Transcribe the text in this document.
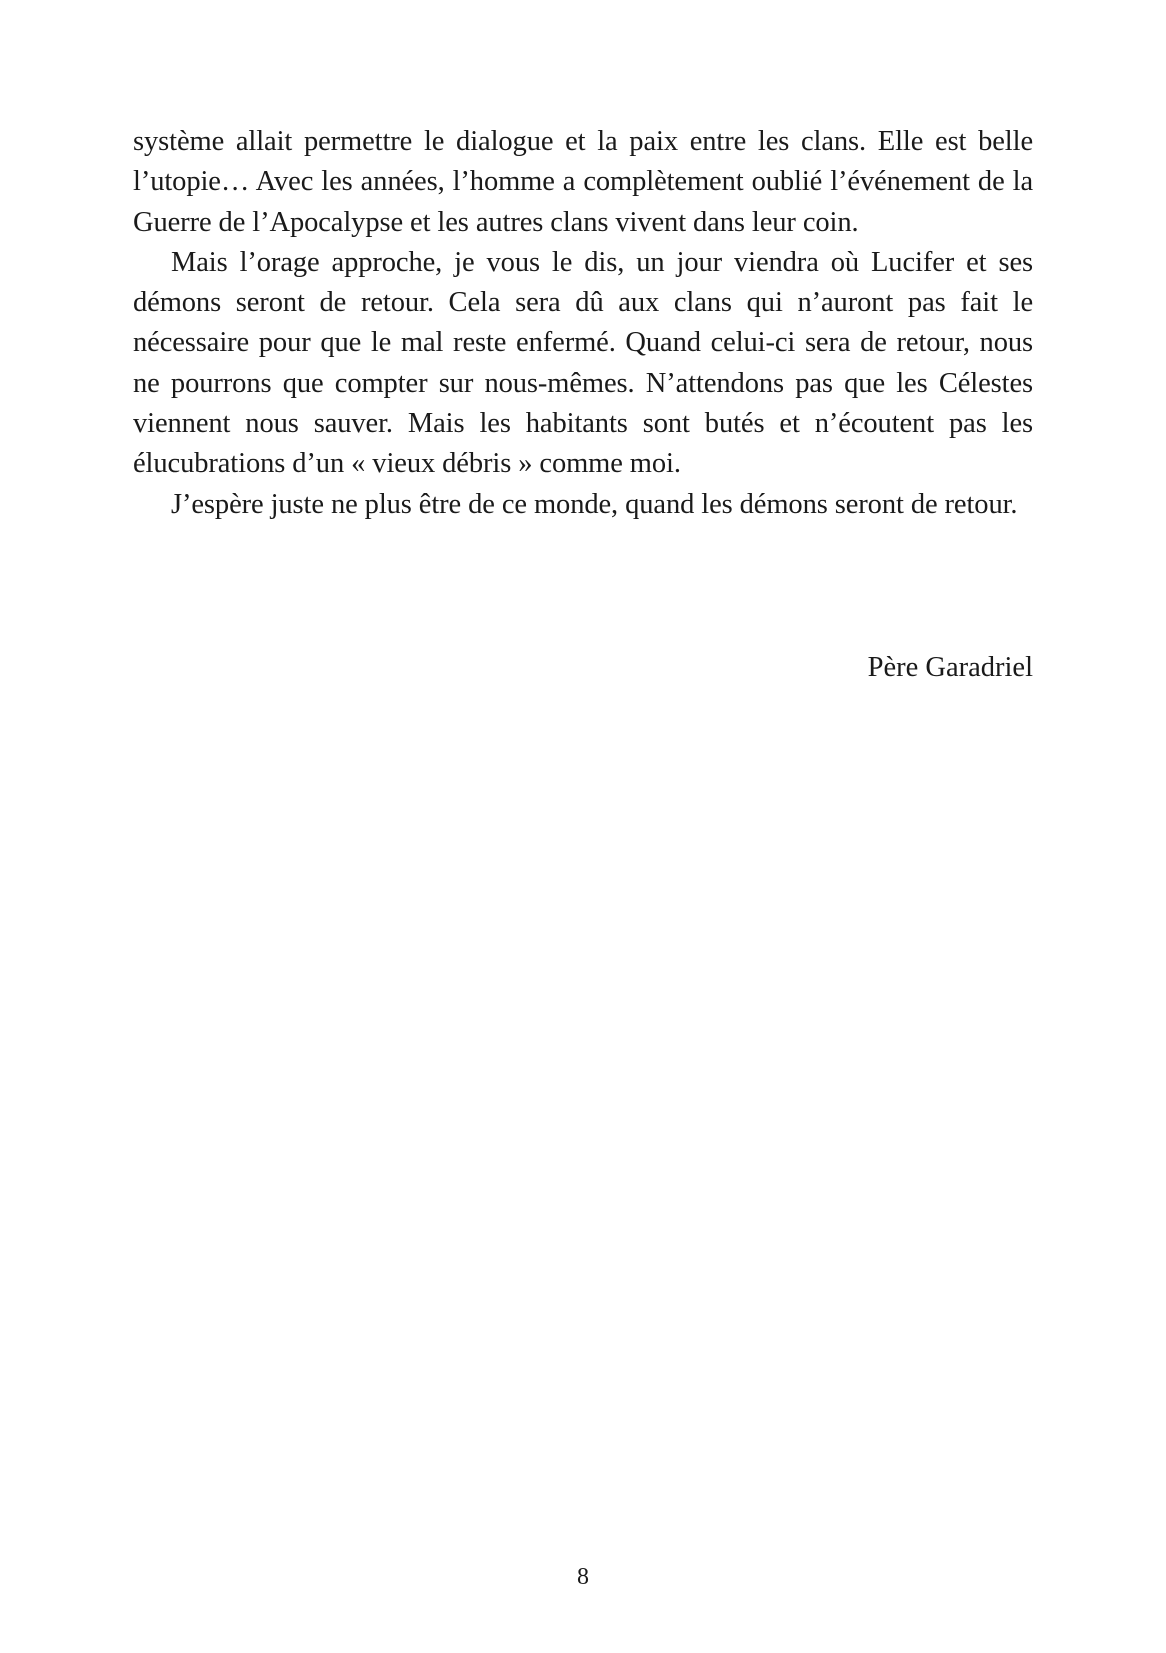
système allait permettre le dialogue et la paix entre les clans. Elle est belle l’utopie… Avec les années, l’homme a complètement oublié l’événement de la Guerre de l’Apocalypse et les autres clans vivent dans leur coin.

Mais l’orage approche, je vous le dis, un jour viendra où Lucifer et ses démons seront de retour. Cela sera dû aux clans qui n’auront pas fait le nécessaire pour que le mal reste enfermé. Quand celui-ci sera de retour, nous ne pourrons que compter sur nous-mêmes. N’attendons pas que les Célestes viennent nous sauver. Mais les habitants sont butés et n’écoutent pas les élucubrations d’un « vieux débris » comme moi.

J’espère juste ne plus être de ce monde, quand les démons seront de retour.

Père Garadriel
8
